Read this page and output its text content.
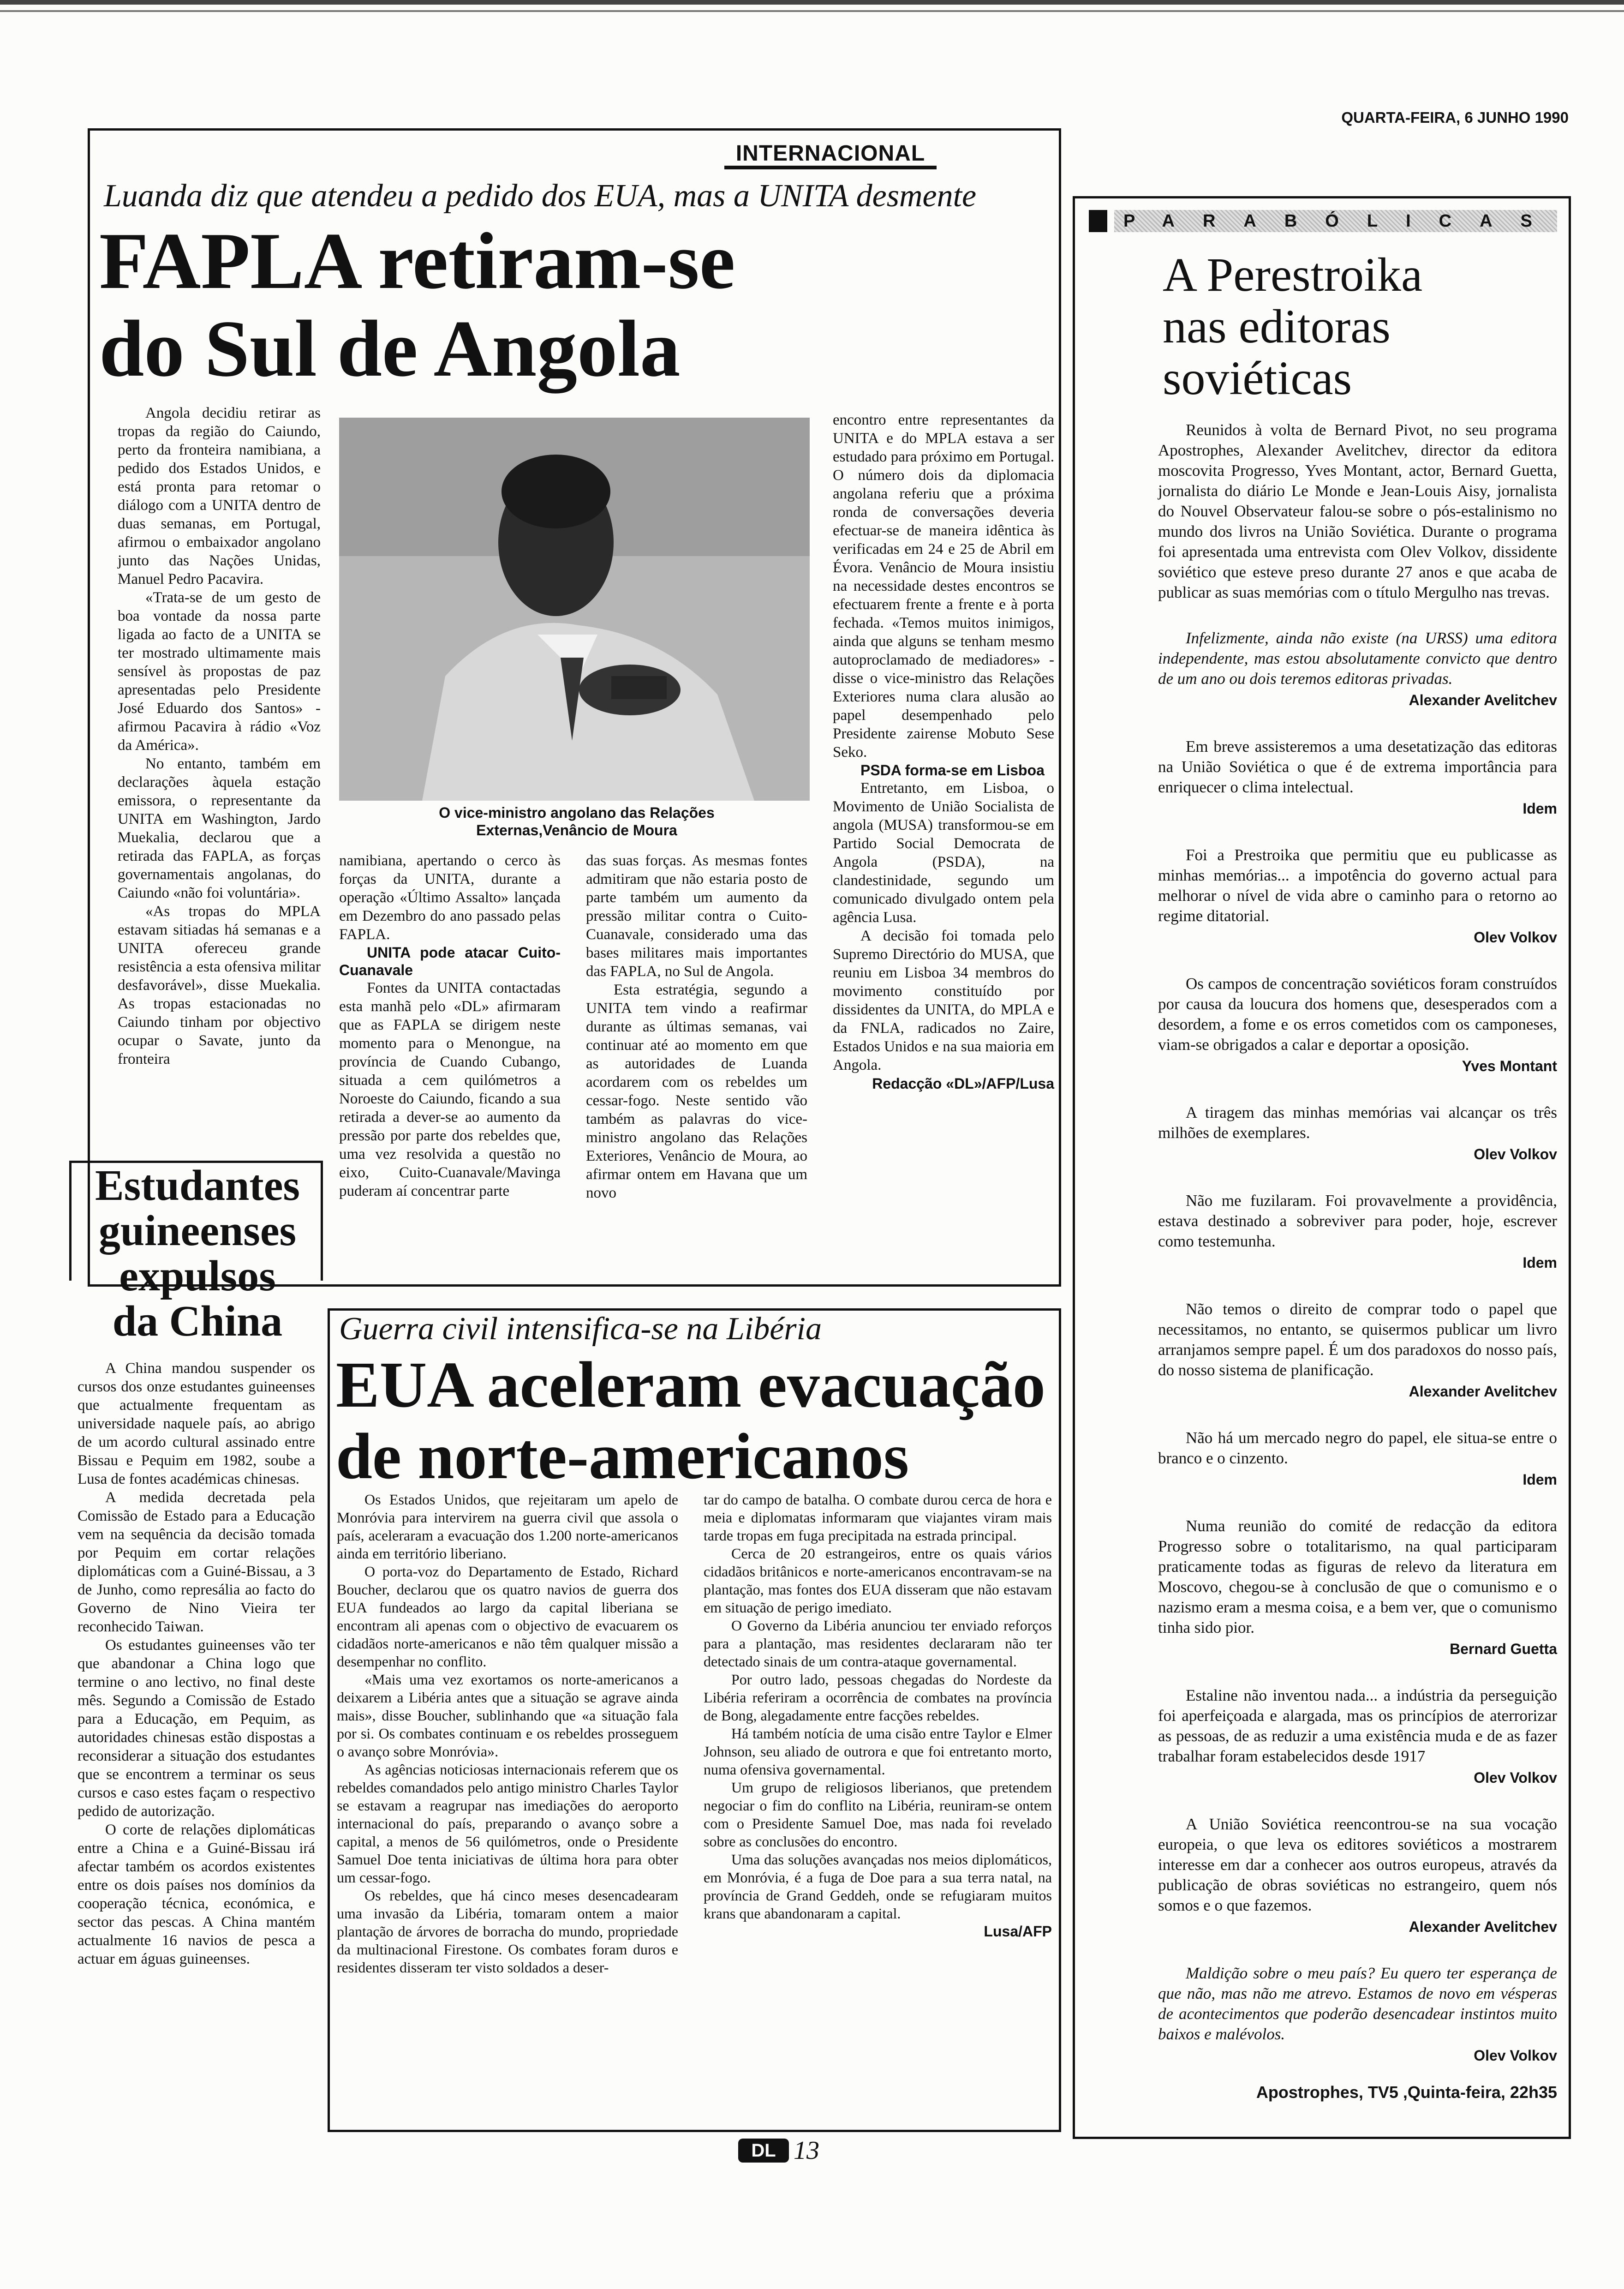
QUARTA-FEIRA, 6 JUNHO 1990
INTERNACIONAL
Luanda diz que atendeu a pedido dos EUA, mas a UNITA desmente
FAPLA retiram-se
do Sul de Angola

Angola decidiu retirar as tropas da região do Caiundo, perto da fronteira namibiana, a pedido dos Estados Unidos, e está pronta para retomar o diálogo com a UNITA dentro de duas semanas, em Portugal, afirmou o embaixador angolano junto das Nações Unidas, Manuel Pedro Pacavira.

«Trata-se de um gesto de boa vontade da nossa parte ligada ao facto de a UNITA se ter mostrado ultimamente mais sensível às propostas de paz apresentadas pelo Presidente José Eduardo dos Santos» - afirmou Pacavira à rádio «Voz da América».

No entanto, também em declarações àquela estação emissora, o representante da UNITA em Washington, Jardo Muekalia, declarou que a retirada das FAPLA, as forças governamentais angolanas, do Caiundo «não foi voluntária».

«As tropas do MPLA estavam sitiadas há semanas e a UNITA ofereceu grande resistência a esta ofensiva militar desfavorável», disse Muekalia. As tropas estacionadas no Caiundo tinham por objectivo ocupar o Savate, junto da fronteira

O vice-ministro angolano das Relações Externas,Venâncio de Moura

namibiana, apertando o cerco às forças da UNITA, durante a operação «Último Assalto» lançada em Dezembro do ano passado pelas FAPLA.

UNITA pode atacar Cuito-Cuanavale

Fontes da UNITA contactadas esta manhã pelo «DL» afirmaram que as FAPLA se dirigem neste momento para o Menongue, na província de Cuando Cubango, situada a cem quilómetros a Noroeste do Caiundo, ficando a sua retirada a dever-se ao aumento da pressão por parte dos rebeldes que, uma vez resolvida a questão no eixo, Cuito-Cuanavale/Mavinga puderam aí concentrar parte

das suas forças. As mesmas fontes admitiram que não estaria posto de parte também um aumento da pressão militar contra o Cuito-Cuanavale, considerado uma das bases militares mais importantes das FAPLA, no Sul de Angola.

Esta estratégia, segundo a UNITA tem vindo a reafirmar durante as últimas semanas, vai continuar até ao momento em que as autoridades de Luanda acordarem com os rebeldes um cessar-fogo. Neste sentido vão também as palavras do vice-ministro angolano das Relações Exteriores, Venâncio de Moura, ao afirmar ontem em Havana que um novo

encontro entre representantes da UNITA e do MPLA estava a ser estudado para próximo em Portugal. O número dois da diplomacia angolana referiu que a próxima ronda de conversações deveria efectuar-se de maneira idêntica às verificadas em 24 e 25 de Abril em Évora. Venâncio de Moura insistiu na necessidade destes encontros se efectuarem frente a frente e à porta fechada. «Temos muitos inimigos, ainda que alguns se tenham mesmo autoproclamado de mediadores» - disse o vice-ministro das Relações Exteriores numa clara alusão ao papel desempenhado pelo Presidente zairense Mobuto Sese Seko.

PSDA forma-se em Lisboa

Entretanto, em Lisboa, o Movimento de União Socialista de angola (MUSA) transformou-se em Partido Social Democrata de Angola (PSDA), na clandestinidade, segundo um comunicado divulgado ontem pela agência Lusa.

A decisão foi tomada pelo Supremo Directório do MUSA, que reuniu em Lisboa 34 membros do movimento constituído por dissidentes da UNITA, do MPLA e da FNLA, radicados no Zaire, Estados Unidos e na sua maioria em Angola.

Redacção «DL»/AFP/Lusa

Estudantes
guineenses
expulsos
da China

A China mandou suspender os cursos dos onze estudantes guineenses que actualmente frequentam as universidade naquele país, ao abrigo de um acordo cultural assinado entre Bissau e Pequim em 1982, soube a Lusa de fontes académicas chinesas.

A medida decretada pela Comissão de Estado para a Educação vem na sequência da decisão tomada por Pequim em cortar relações diplomáticas com a Guiné-Bissau, a 3 de Junho, como represália ao facto do Governo de Nino Vieira ter reconhecido Taiwan.

Os estudantes guineenses vão ter que abandonar a China logo que termine o ano lectivo, no final deste mês. Segundo a Comissão de Estado para a Educação, em Pequim, as autoridades chinesas estão dispostas a reconsiderar a situação dos estudantes que se encontrem a terminar os seus cursos e caso estes façam o respectivo pedido de autorização.

O corte de relações diplomáticas entre a China e a Guiné-Bissau irá afectar também os acordos existentes entre os dois países nos domínios da cooperação técnica, económica, e sector das pescas. A China mantém actualmente 16 navios de pesca a actuar em águas guineenses.

Guerra civil intensifica-se na Libéria
EUA aceleram evacuação
de norte-americanos

Os Estados Unidos, que rejeitaram um apelo de Monróvia para intervirem na guerra civil que assola o país, aceleraram a evacuação dos 1.200 norte-americanos ainda em território liberiano.

O porta-voz do Departamento de Estado, Richard Boucher, declarou que os quatro navios de guerra dos EUA fundeados ao largo da capital liberiana se encontram ali apenas com o objectivo de evacuarem os cidadãos norte-americanos e não têm qualquer missão a desempenhar no conflito.

«Mais uma vez exortamos os norte-americanos a deixarem a Libéria antes que a situação se agrave ainda mais», disse Boucher, sublinhando que «a situação fala por si. Os combates continuam e os rebeldes prosseguem o avanço sobre Monróvia».

As agências noticiosas internacionais referem que os rebeldes comandados pelo antigo ministro Charles Taylor se estavam a reagrupar nas imediações do aeroporto internacional do país, preparando o avanço sobre a capital, a menos de 56 quilómetros, onde o Presidente Samuel Doe tenta iniciativas de última hora para obter um cessar-fogo.

Os rebeldes, que há cinco meses desencadearam uma invasão da Libéria, tomaram ontem a maior plantação de árvores de borracha do mundo, propriedade da multinacional Firestone. Os combates foram duros e residentes disseram ter visto soldados a deser-

tar do campo de batalha. O combate durou cerca de hora e meia e diplomatas informaram que viajantes viram mais tarde tropas em fuga precipitada na estrada principal.

Cerca de 20 estrangeiros, entre os quais vários cidadãos britânicos e norte-americanos encontravam-se na plantação, mas fontes dos EUA disseram que não estavam em situação de perigo imediato.

O Governo da Libéria anunciou ter enviado reforços para a plantação, mas residentes declararam não ter detectado sinais de um contra-ataque governamental.

Por outro lado, pessoas chegadas do Nordeste da Libéria referiram a ocorrência de combates na província de Bong, alegadamente entre facções rebeldes.

Há também notícia de uma cisão entre Taylor e Elmer Johnson, seu aliado de outrora e que foi entretanto morto, numa ofensiva governamental.

Um grupo de religiosos liberianos, que pretendem negociar o fim do conflito na Libéria, reuniram-se ontem com o Presidente Samuel Doe, mas nada foi revelado sobre as conclusões do encontro.

Uma das soluções avançadas nos meios diplomáticos, em Monróvia, é a fuga de Doe para a sua terra natal, na província de Grand Geddeh, onde se refugiaram muitos krans que abandonaram a capital.

Lusa/AFP

PARABÓLICAS
A Perestroika
nas editoras
soviéticas

Reunidos à volta de Bernard Pivot, no seu programa Apostrophes, Alexander Avelitchev, director da editora moscovita Progresso, Yves Montant, actor, Bernard Guetta, jornalista do diário Le Monde e Jean-Louis Aisy, jornalista do Nouvel Observateur falou-se sobre o pós-estalinismo no mundo dos livros na União Soviética. Durante o programa foi apresentada uma entrevista com Olev Volkov, dissidente soviético que esteve preso durante 27 anos e que acaba de publicar as suas memórias com o título Mergulho nas trevas.

Infelizmente, ainda não existe (na URSS) uma editora independente, mas estou absolutamente convicto que dentro de um ano ou dois teremos editoras privadas.

Alexander Avelitchev

Em breve assisteremos a uma desetatização das editoras na União Soviética o que é de extrema importância para enriquecer o clima intelectual.

Idem

Foi a Prestroika que permitiu que eu publicasse as minhas memórias... a impotência do governo actual para melhorar o nível de vida abre o caminho para o retorno ao regime ditatorial.

Olev Volkov

Os campos de concentração soviéticos foram construídos por causa da loucura dos homens que, desesperados com a desordem, a fome e os erros cometidos com os camponeses, viam-se obrigados a calar e deportar a oposição.

Yves Montant

A tiragem das minhas memórias vai alcançar os três milhões de exemplares.

Olev Volkov

Não me fuzilaram. Foi provavelmente a providência, estava destinado a sobreviver para poder, hoje, escrever como testemunha.

Idem

Não temos o direito de comprar todo o papel que necessitamos, no entanto, se quisermos publicar um livro arranjamos sempre papel. É um dos paradoxos do nosso país, do nosso sistema de planificação.

Alexander Avelitchev

Não há um mercado negro do papel, ele situa-se entre o branco e o cinzento.

Idem

Numa reunião do comité de redacção da editora Progresso sobre o totalitarismo, na qual participaram praticamente todas as figuras de relevo da literatura em Moscovo, chegou-se à conclusão de que o comunismo e o nazismo eram a mesma coisa, e a bem ver, que o comunismo tinha sido pior.

Bernard Guetta

Estaline não inventou nada... a indústria da perseguição foi aperfeiçoada e alargada, mas os princípios de aterrorizar as pessoas, de as reduzir a uma existência muda e de as fazer trabalhar foram estabelecidos desde 1917

Olev Volkov

A União Soviética reencontrou-se na sua vocação europeia, o que leva os editores soviéticos a mostrarem interesse em dar a conhecer aos outros europeus, através da publicação de obras soviéticas no estrangeiro, quem nós somos e o que fazemos.

Alexander Avelitchev

Maldição sobre o meu país? Eu quero ter esperança de que não, mas não me atrevo. Estamos de novo em vésperas de acontecimentos que poderão desencadear instintos muito baixos e malévolos.

Olev Volkov

Apostrophes, TV5 ,Quinta-feira, 22h35

DL 13
